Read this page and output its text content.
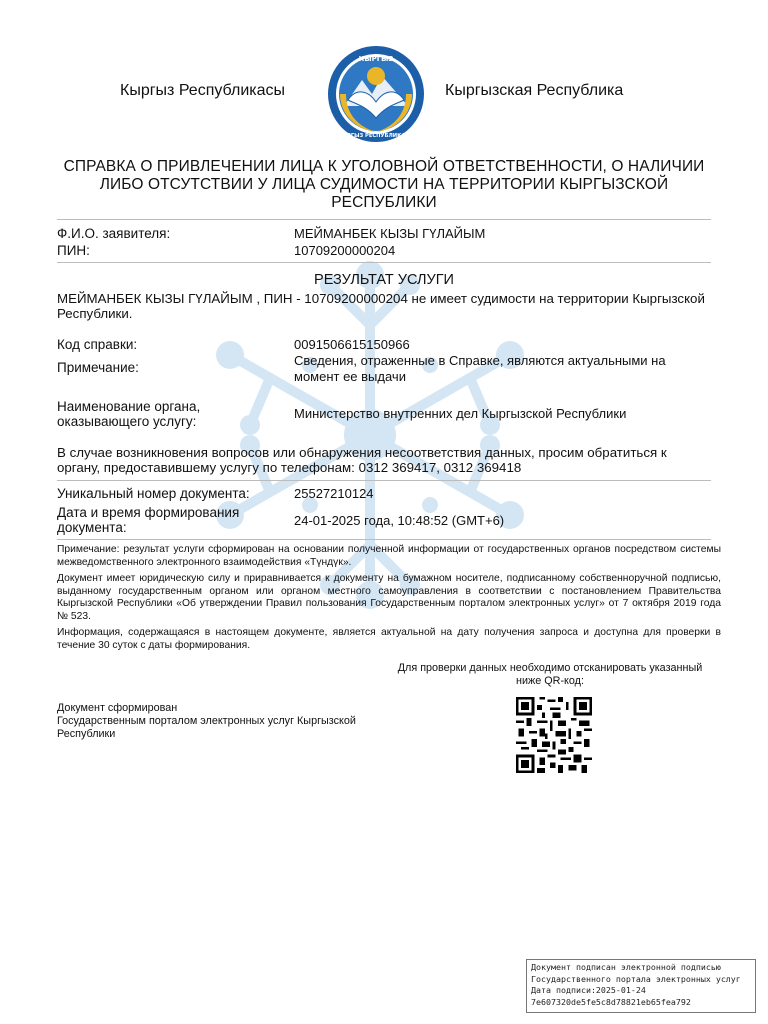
Кыргыз Республикасы
КЫРГЫЗ
КЫРГЫЗ РЕСПУБЛИКАСЫ
Кыргызская Республика
СПРАВКА О ПРИВЛЕЧЕНИИ ЛИЦА К УГОЛОВНОЙ ОТВЕТСТВЕННОСТИ, О НАЛИЧИИ
ЛИБО ОТСУТСТВИИ У ЛИЦА СУДИМОСТИ НА ТЕРРИТОРИИ КЫРГЫЗСКОЙ
РЕСПУБЛИКИ
Ф.И.О. заявителя:	МЕЙМАНБЕК КЫЗЫ ГҮЛАЙЫМ
ПИН:	10709200000204
РЕЗУЛЬТАТ УСЛУГИ
МЕЙМАНБЕК КЫЗЫ ГҮЛАЙЫМ , ПИН - 10709200000204 не имеет судимости на территории Кыргызской
Республики.
Код справки:	0091506615150966
Примечание:	Сведения, отраженные в Справке, являются актуальными на
момент ее выдачи
Наименование органа,
оказывающего услугу:
Министерство внутренних дел Кыргызской Республики
В случае возникновения вопросов или обнаружения несоответствия данных, просим обратиться к
органу, предоставившему услугу по телефонам: 0312 369417, 0312 369418
Уникальный номер документа:	25527210124
Дата и время формирования
документа:	24-01-2025 года, 10:48:52 (GMT+6)
Примечание: результат услуги сформирован на основании полученной информации от государственных органов посредством системы межведомственного электронного взаимодействия «Түндүк».
Документ имеет юридическую силу и приравнивается к документу на бумажном носителе, подписанному собственноручной подписью, выданному государственным органом или органом местного самоуправления в соответствии с постановлением Правительства Кыргызской Республики «Об утверждении Правил пользования Государственным порталом электронных услуг» от 7 октября 2019 года № 523.
Информация, содержащаяся в настоящем документе, является актуальной на дату получения запроса и доступна для проверки в течение 30 суток с даты формирования.
Для проверки данных необходимо отсканировать указанный
ниже QR-код:
Документ сформирован
Государственным порталом электронных услуг Кыргызской
Республики
Документ подписан электронной подписью
Государственного портала электронных услуг
Дата подписи:2025-01-24
7e607320de5fe5c8d78821eb65fea792
